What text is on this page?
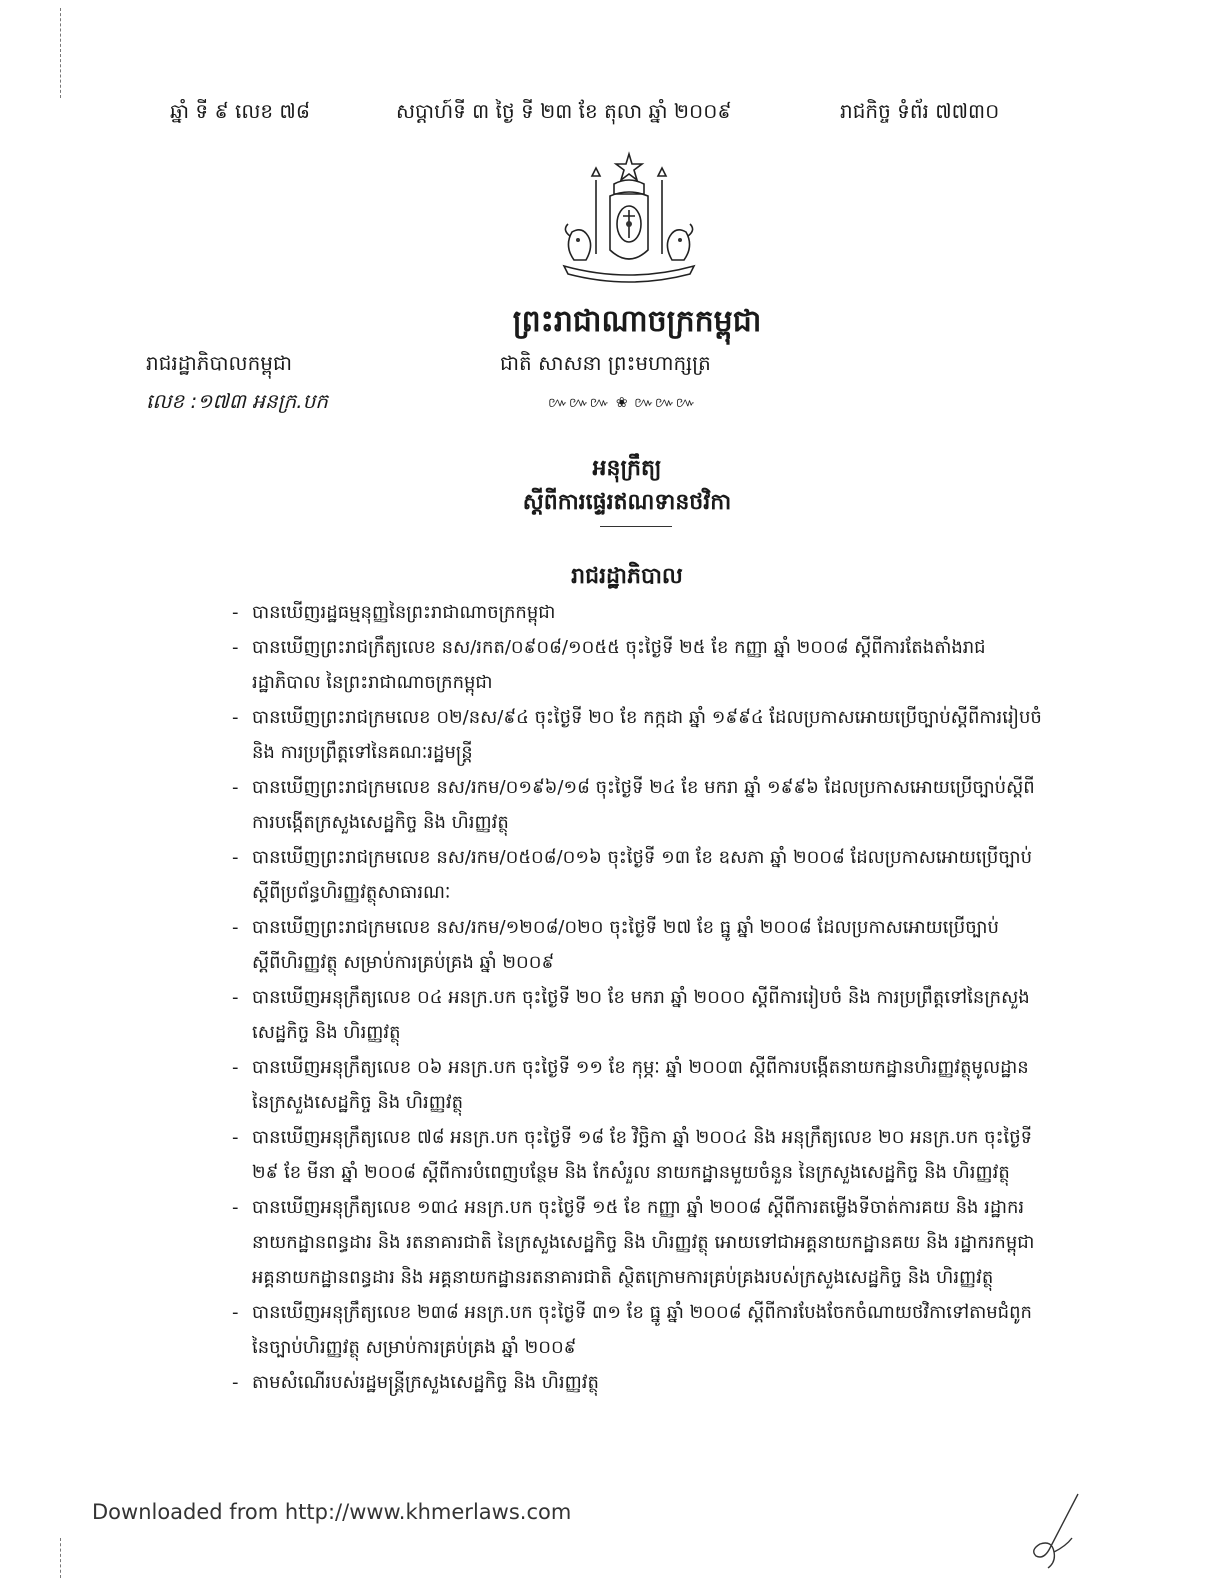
ឆ្នាំ ទី ៩ លេខ ៧៨	សប្តាហ៍ទី ៣ ថ្ងៃ ទី ២៣ ខែ តុលា ឆ្នាំ ២០០៩	រាជកិច្ច ទំព័រ ៧៧៣០
ព្រះរាជាណាចក្រកម្ពុជា
រាជរដ្ឋាភិបាលកម្ពុជា	ជាតិ សាសនា ព្រះមហាក្សត្រ
លេខ :១៧៣ អនក្រ.បក	៚៚៚ ❀ ៚៚៚
អនុក្រឹត្យ
ស្តីពីការផ្ទេរឥណទានថវិកា
រាជរដ្ឋាភិបាល
- បានឃើញរដ្ឋធម្មនុញ្ញនៃព្រះរាជាណាចក្រកម្ពុជា
- បានឃើញព្រះរាជក្រឹត្យលេខ នស/រកត/០៩០៨/១០៥៥ ចុះថ្ងៃទី ២៥ ខែ កញ្ញា ឆ្នាំ ២០០៨ ស្តីពីការតែងតាំងរាជរដ្ឋាភិបាល នៃព្រះរាជាណាចក្រកម្ពុជា
- បានឃើញព្រះរាជក្រមលេខ ០២/នស/៩៤ ចុះថ្ងៃទី ២០ ខែ កក្កដា ឆ្នាំ ១៩៩៤ ដែលប្រកាសអោយប្រើច្បាប់ស្តីពីការរៀបចំ និង ការប្រព្រឹត្តទៅនៃគណៈរដ្ឋមន្ត្រី
- បានឃើញព្រះរាជក្រមលេខ នស/រកម/០១៩៦/១៨ ចុះថ្ងៃទី ២៤ ខែ មករា ឆ្នាំ ១៩៩៦ ដែលប្រកាសអោយប្រើច្បាប់ស្តីពីការបង្កើតក្រសួងសេដ្ឋកិច្ច និង ហិរញ្ញវត្ថុ
- បានឃើញព្រះរាជក្រមលេខ នស/រកម/០៥០៨/០១៦ ចុះថ្ងៃទី ១៣ ខែ ឧសភា ឆ្នាំ ២០០៨ ដែលប្រកាសអោយប្រើច្បាប់ស្តីពីប្រព័ន្ធហិរញ្ញវត្ថុសាធារណៈ
- បានឃើញព្រះរាជក្រមលេខ នស/រកម/១២០៨/០២០ ចុះថ្ងៃទី ២៧ ខែ ធ្នូ ឆ្នាំ ២០០៨ ដែលប្រកាសអោយប្រើច្បាប់ស្តីពីហិរញ្ញវត្ថុ សម្រាប់ការគ្រប់គ្រង ឆ្នាំ ២០០៩
- បានឃើញអនុក្រឹត្យលេខ ០៤ អនក្រ.បក ចុះថ្ងៃទី ២០ ខែ មករា ឆ្នាំ ២០០០ ស្តីពីការរៀបចំ និង ការប្រព្រឹត្តទៅនៃក្រសួងសេដ្ឋកិច្ច និង ហិរញ្ញវត្ថុ
- បានឃើញអនុក្រឹត្យលេខ ០៦ អនក្រ.បក ចុះថ្ងៃទី ១១ ខែ កុម្ភៈ ឆ្នាំ ២០០៣ ស្តីពីការបង្កើតនាយកដ្ឋានហិរញ្ញវត្ថុមូលដ្ឋាន នៃក្រសួងសេដ្ឋកិច្ច និង ហិរញ្ញវត្ថុ
- បានឃើញអនុក្រឹត្យលេខ ៧៨ អនក្រ.បក ចុះថ្ងៃទី ១៨ ខែ វិច្ឆិកា ឆ្នាំ ២០០៤ និង អនុក្រឹត្យលេខ ២០ អនក្រ.បក ចុះថ្ងៃទី ២៩ ខែ មីនា ឆ្នាំ ២០០៨ ស្តីពីការបំពេញបន្ថែម និង កែសំរួល នាយកដ្ឋានមួយចំនួន នៃក្រសួងសេដ្ឋកិច្ច និង ហិរញ្ញវត្ថុ
- បានឃើញអនុក្រឹត្យលេខ ១៣៤ អនក្រ.បក ចុះថ្ងៃទី ១៥ ខែ កញ្ញា ឆ្នាំ ២០០៨ ស្តីពីការតម្លើងទីចាត់ការគយ និង រដ្ឋាករ នាយកដ្ឋានពន្ធដារ និង រតនាគារជាតិ នៃក្រសួងសេដ្ឋកិច្ច និង ហិរញ្ញវត្ថុ អោយទៅជាអគ្គនាយកដ្ឋានគយ និង រដ្ឋាករកម្ពុជា អគ្គនាយកដ្ឋានពន្ធដារ និង អគ្គនាយកដ្ឋានរតនាគារជាតិ ស្ថិតក្រោមការគ្រប់គ្រងរបស់ក្រសួងសេដ្ឋកិច្ច និង ហិរញ្ញវត្ថុ
- បានឃើញអនុក្រឹត្យលេខ ២៣៨ អនក្រ.បក ចុះថ្ងៃទី ៣១ ខែ ធ្នូ ឆ្នាំ ២០០៨ ស្តីពីការបែងចែកចំណាយថវិកាទៅតាមជំពូក នៃច្បាប់ហិរញ្ញវត្ថុ សម្រាប់ការគ្រប់គ្រង ឆ្នាំ ២០០៩
- តាមសំណើរបស់រដ្ឋមន្ត្រីក្រសួងសេដ្ឋកិច្ច និង ហិរញ្ញវត្ថុ
Downloaded from http://www.khmerlaws.com
